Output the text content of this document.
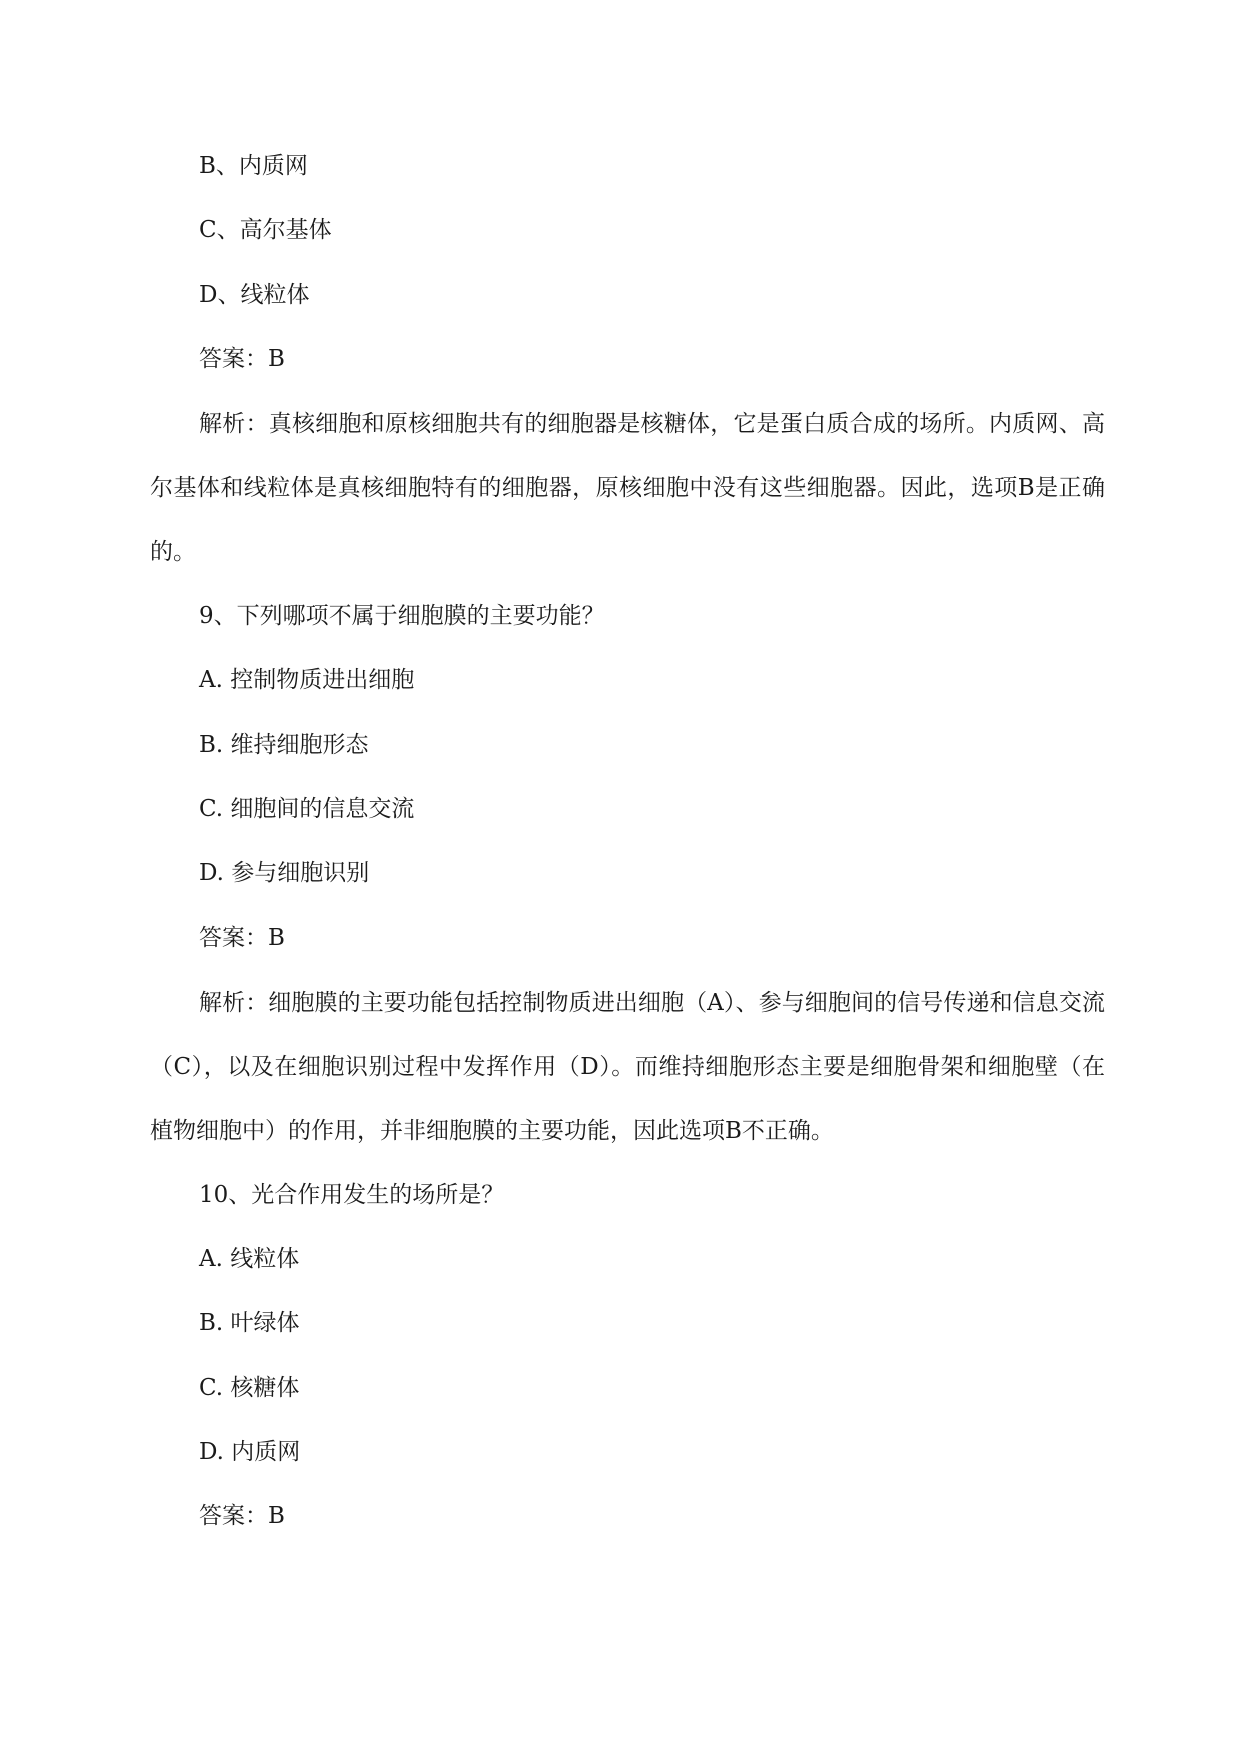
B、内质网

C、高尔基体

D、线粒体

答案：B

解析：真核细胞和原核细胞共有的细胞器是核糖体，它是蛋白质合成的场所。内质网、高尔基体和线粒体是真核细胞特有的细胞器，原核细胞中没有这些细胞器。因此，选项B是正确的。

9、下列哪项不属于细胞膜的主要功能？

A. 控制物质进出细胞

B. 维持细胞形态

C. 细胞间的信息交流

D. 参与细胞识别

答案：B

解析：细胞膜的主要功能包括控制物质进出细胞（A）、参与细胞间的信号传递和信息交流（C），以及在细胞识别过程中发挥作用（D）。而维持细胞形态主要是细胞骨架和细胞壁（在植物细胞中）的作用，并非细胞膜的主要功能，因此选项B不正确。

10、光合作用发生的场所是？

A. 线粒体

B. 叶绿体

C. 核糖体

D. 内质网

答案：B
